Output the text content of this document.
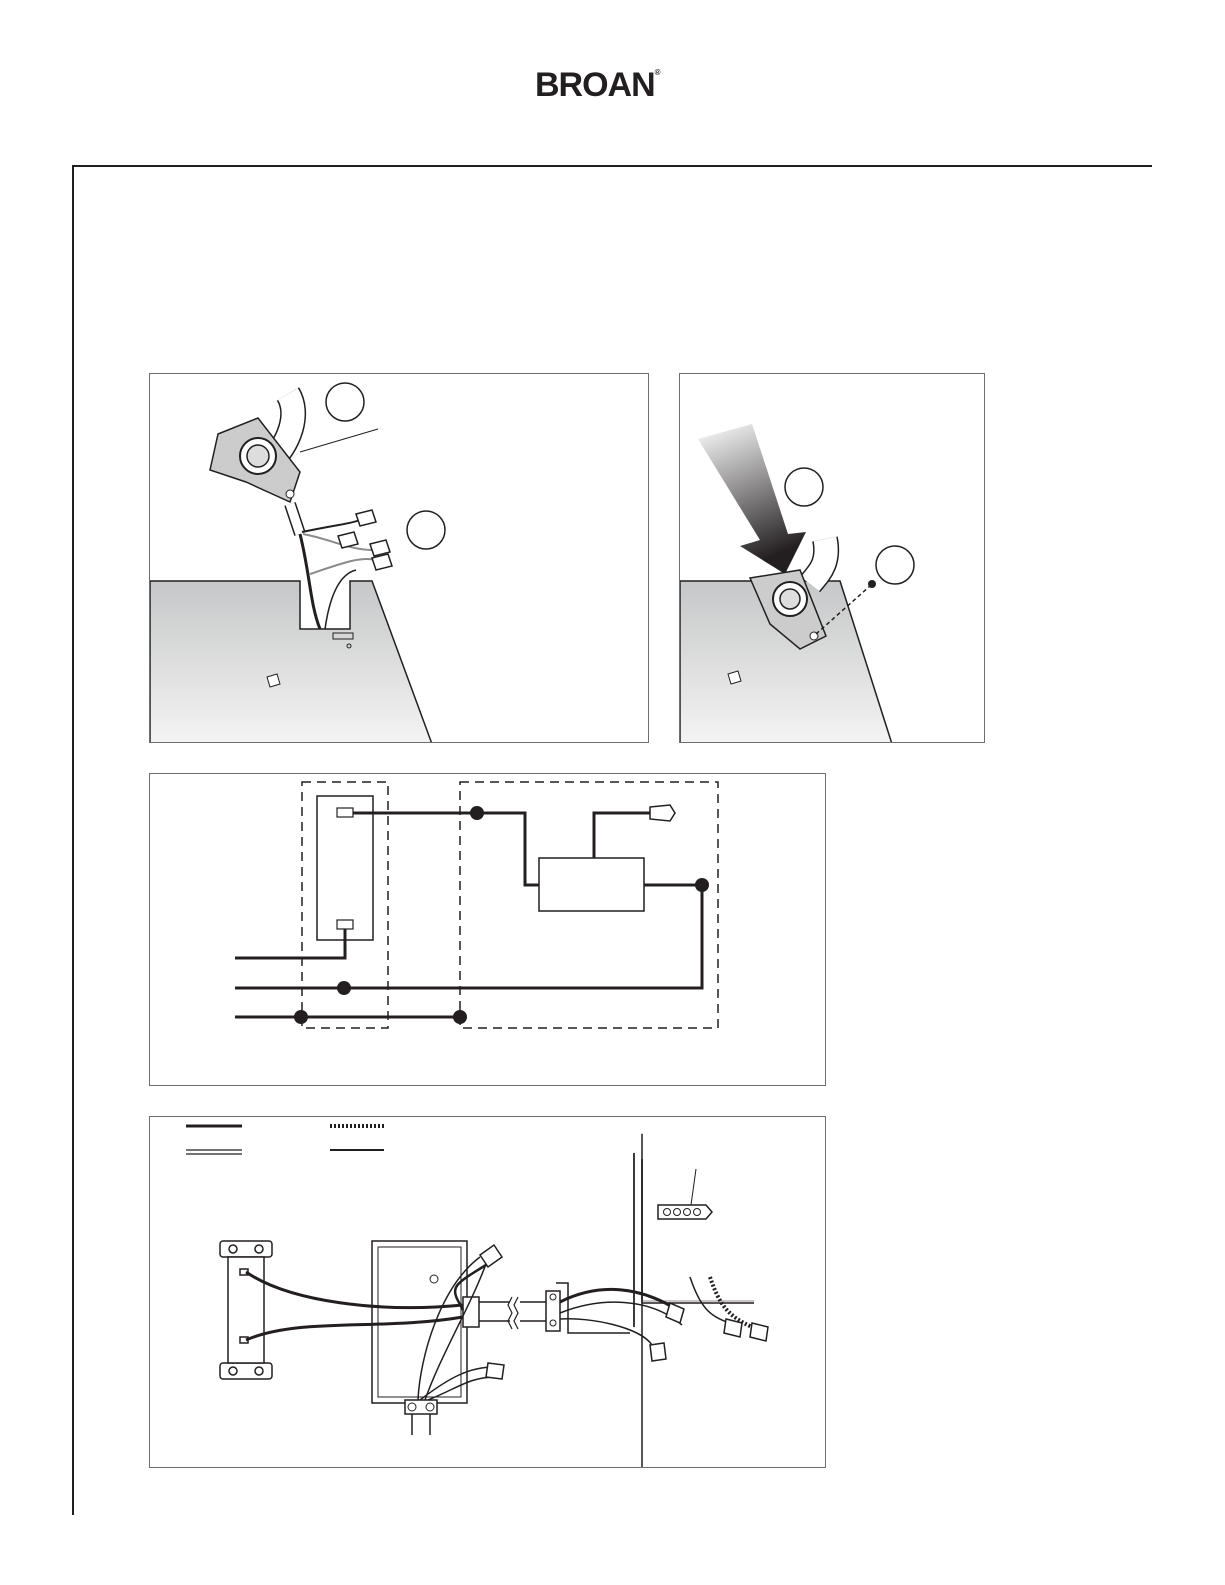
BROAN®
